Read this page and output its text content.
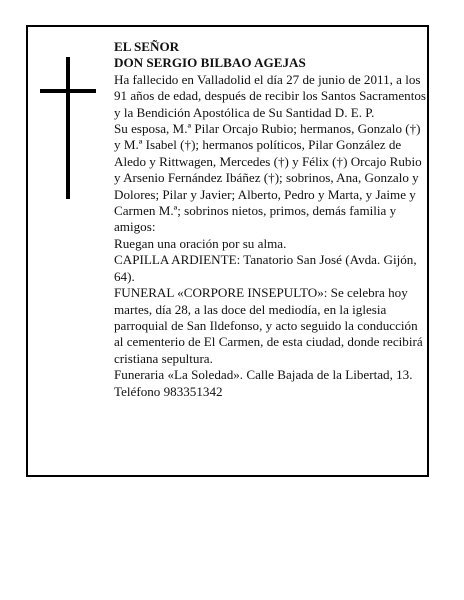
EL SEÑOR

DON SERGIO BILBAO AGEJAS

Ha fallecido en Valladolid el día 27 de junio de 2011, a los 91 años de edad, después de recibir los Santos Sacramentos y la Bendición Apostólica de Su Santidad D. E. P.

Su esposa, M.ª Pilar Orcajo Rubio; hermanos, Gonzalo (†) y M.ª Isabel (†); hermanos políticos, Pilar González de Aledo y Rittwagen, Mercedes (†) y Félix (†) Orcajo Rubio y Arsenio Fernández Ibáñez (†); sobrinos, Ana, Gonzalo y Dolores; Pilar y Javier; Alberto, Pedro y Marta, y Jaime y Carmen M.ª; sobrinos nietos, primos, demás familia y amigos:

Ruegan una oración por su alma.

CAPILLA ARDIENTE: Tanatorio San José (Avda. Gijón, 64).

FUNERAL «CORPORE INSEPULTO»: Se celebra hoy martes, día 28, a las doce del mediodía, en la iglesia parroquial de San Ildefonso, y acto seguido la conducción al cementerio de El Carmen, de esta ciudad, donde recibirá cristiana sepultura.

Funeraria «La Soledad». Calle Bajada de la Libertad, 13. Teléfono 983351342
